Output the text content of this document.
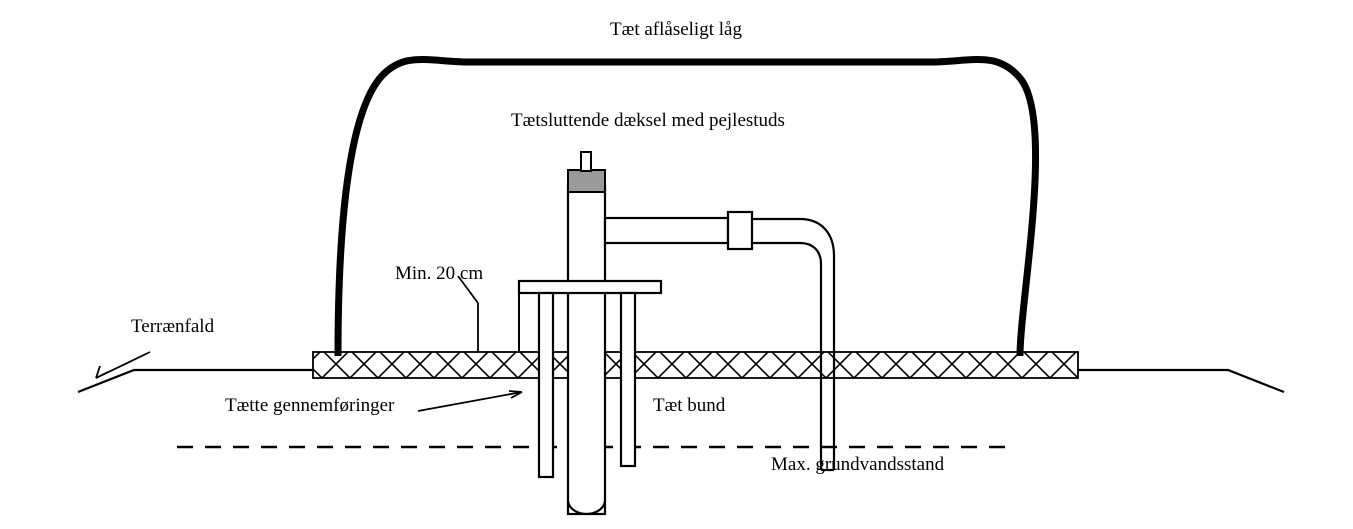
Tæt aflåseligt låg
Tætsluttende dæksel med pejlestuds
Min. 20 cm
Terrænfald
Tætte gennemføringer	Tæt bund
Max. grundvandsstand
